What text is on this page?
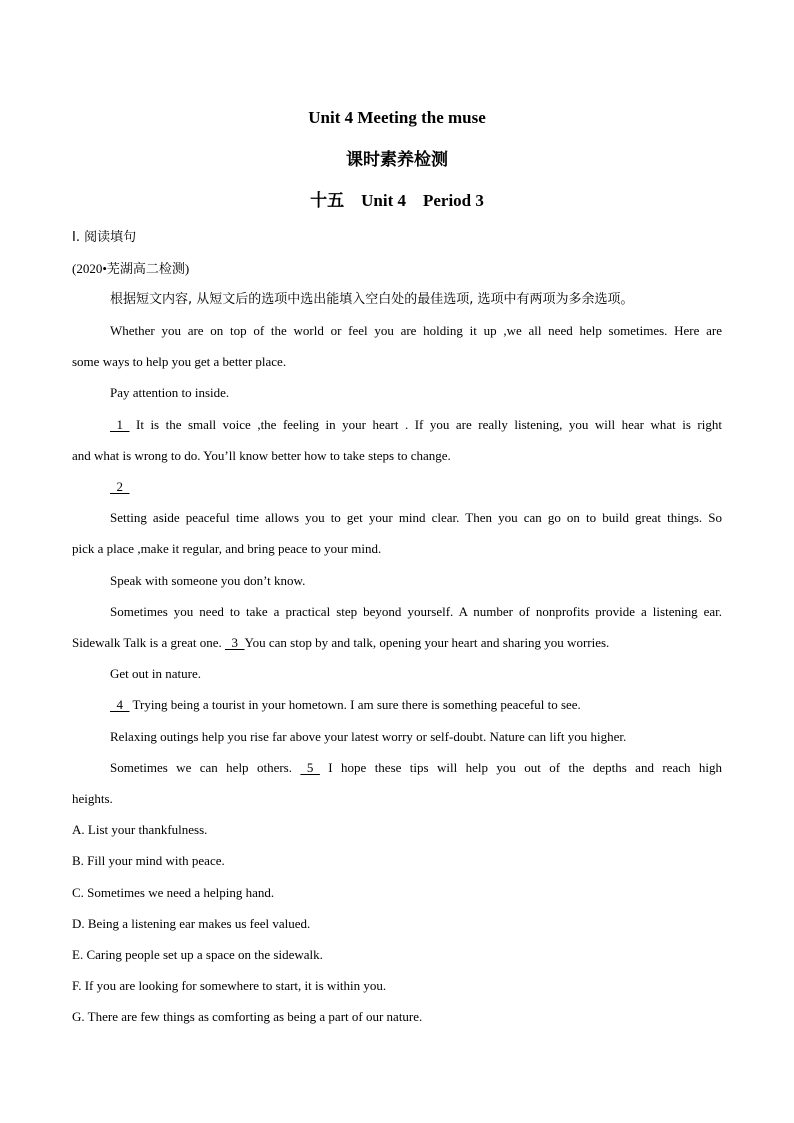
Unit 4 Meeting the muse
课时素养检测
十五　Unit 4　Period 3
Ⅰ. 阅读填句
(2020•芜湖高二检测)
根据短文内容, 从短文后的选项中选出能填入空白处的最佳选项, 选项中有两项为多余选项。
Whether you are on top of the world or feel you are holding it up ,we all need help sometimes. Here are
some ways to help you get a better place.
Pay attention to inside.
1   It is the small voice ,the feeling in your heart . If you are really listening, you will hear what is right
and what is wrong to do. You’ll know better how to take steps to change.
2
Setting aside peaceful time allows you to get your mind clear. Then you can go on to build great things. So
pick a place ,make it regular, and bring peace to your mind.
Speak with someone you don’t know.
Sometimes you need to take a practical step beyond yourself. A number of nonprofits provide a listening ear.
Sidewalk Talk is a great one.   3  You can stop by and talk, opening your heart and sharing you worries.
Get out in nature.
4   Trying being a tourist in your hometown. I am sure there is something peaceful to see.
Relaxing outings help you rise far above your latest worry or self-doubt. Nature can lift you higher.
Sometimes we can help others.   5   I hope these tips will help you out of the depths and reach high
heights.
A. List your thankfulness.
B. Fill your mind with peace.
C. Sometimes we need a helping hand.
D. Being a listening ear makes us feel valued.
E. Caring people set up a space on the sidewalk.
F. If you are looking for somewhere to start, it is within you.
G. There are few things as comforting as being a part of our nature.
